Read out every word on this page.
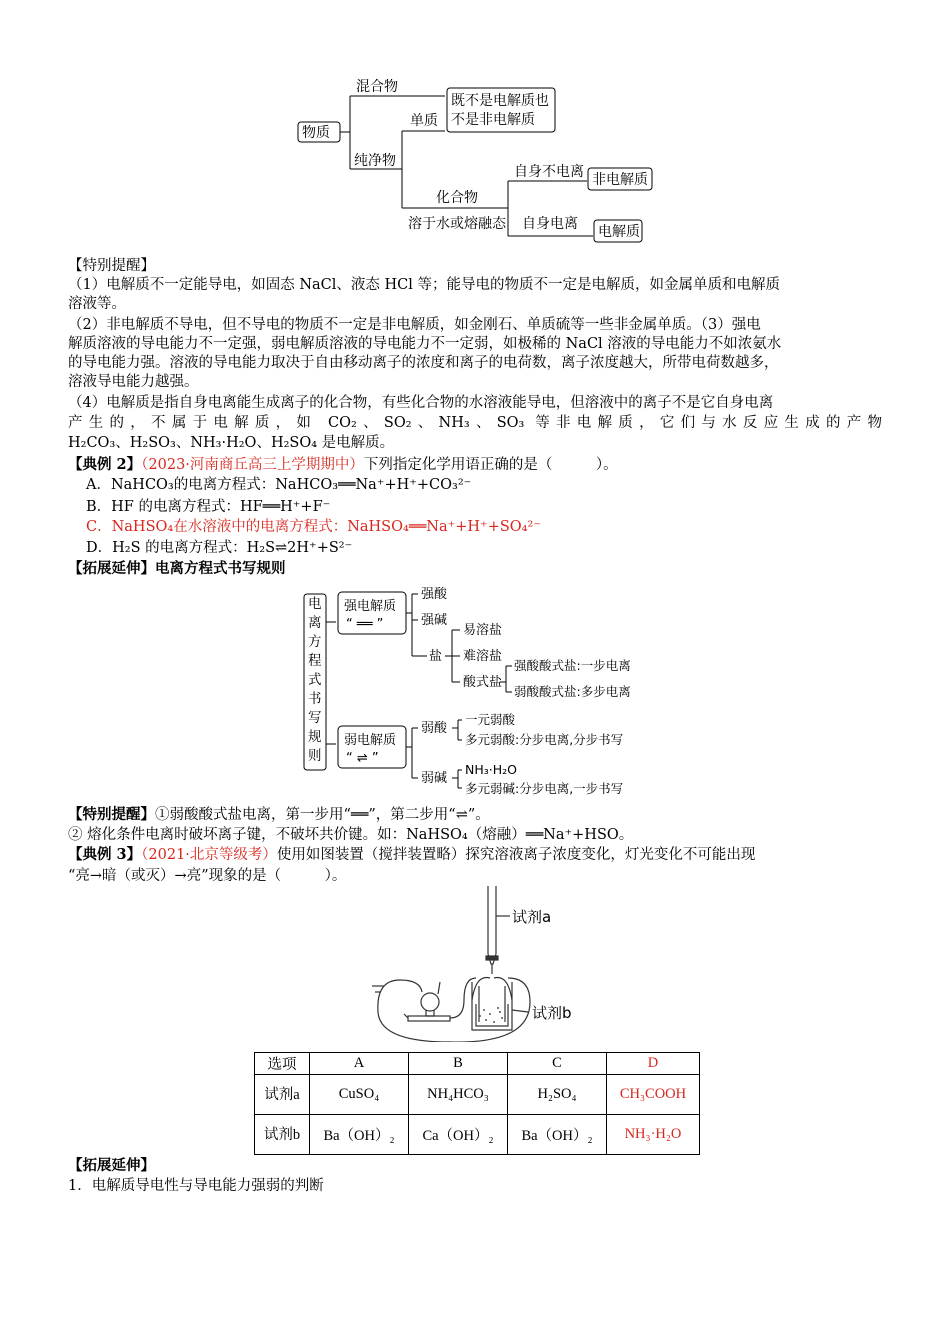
物质
混合物
纯净物
单质
既不是电解质也
不是非电解质
化合物
溶于水或熔融态
自身不电离
自身电离
非电解质
电解质
【特别提醒】
（1）电解质不一定能导电，如固态 NaCl、液态 HCl 等；能导电的物质不一定是电解质，如金属单质和电解质
溶液等。
（2）非电解质不导电，但不导电的物质不一定是非电解质，如金刚石、单质硫等一些非金属单质。（3）强电
解质溶液的导电能力不一定强，弱电解质溶液的导电能力不一定弱，如极稀的 NaCl 溶液的导电能力不如浓氨水
的导电能力强。溶液的导电能力取决于自由移动离子的浓度和离子的电荷数，离子浓度越大，所带电荷数越多，
溶液导电能力越强。
（4）电解质是指自身电离能生成离子的化合物，有些化合物的水溶液能导电，但溶液中的离子不是它自身电离
产生的，不属于电解质，如 CO₂、SO₂、NH₃、SO₃ 等非电解质，它们与水反应生成的产物
H₂CO₃、H₂SO₃、NH₃·H₂O、H₂SO₄ 是电解质。
【典例 2】（2023·河南商丘高三上学期期中）下列指定化学用语正确的是（　　　）。
A．NaHCO₃的电离方程式：NaHCO₃══Na⁺+H⁺+CO₃²⁻
B．HF 的电离方程式：HF══H⁺+F⁻
C．NaHSO₄在水溶液中的电离方程式：NaHSO₄══Na⁺+H⁺+SO₄²⁻
D．H₂S 的电离方程式：H₂S⇌2H⁺+S²⁻
【拓展延伸】电离方程式书写规则
电
离
方
程
式
书
写
规
则
强电解质
“ ══ ”
强酸
强碱
盐
易溶盐
难溶盐
酸式盐
强酸酸式盐:一步电离
弱酸酸式盐:多步电离
弱电解质
“ ⇌ ”
弱酸
一元弱酸
多元弱酸:分步电离,分步书写
弱碱
NH₃·H₂O
多元弱碱:分步电离,一步书写
【特别提醒】①弱酸酸式盐电离，第一步用“══”，第二步用“⇌”。
② 熔化条件电离时破坏离子键，不破坏共价键。如：NaHSO₄（熔融）══Na⁺+HSO。
【典例 3】（2021·北京等级考）使用如图装置（搅拌装置略）探究溶液离子浓度变化，灯光变化不可能出现
“亮→暗（或灭）→亮”现象的是（　　　）。
试剂a
试剂b
选项	A	B	C	D
试剂a	CuSO₄	NH₄HCO₃	H₂SO₄	CH₃COOH
试剂b	Ba（OH）₂	Ca（OH）₂	Ba（OH）₂	NH₃·H₂O
【拓展延伸】
1．电解质导电性与导电能力强弱的判断
